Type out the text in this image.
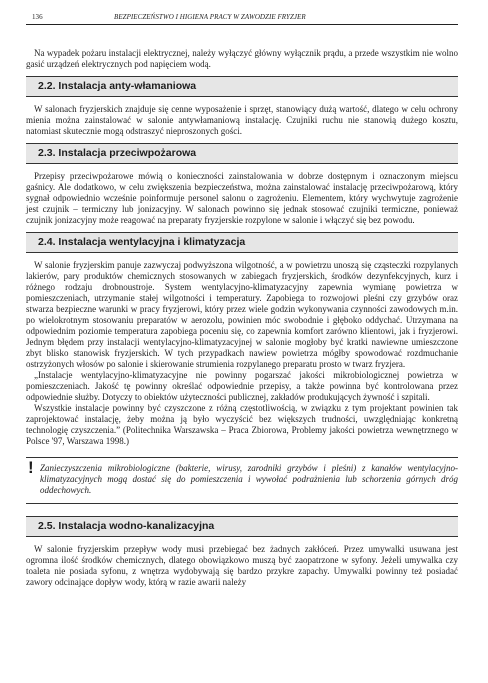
136	BEZPIECZEŃSTWO I HIGIENA PRACY W ZAWODZIE FRYZJER

Na wypadek pożaru instalacji elektrycznej, należy wyłączyć główny wyłącznik prądu, a przede wszystkim nie wolno gasić urządzeń elektrycznych pod napięciem wodą.

2.2. Instalacja anty-włamaniowa

W salonach fryzjerskich znajduje się cenne wyposażenie i sprzęt, stanowiący dużą wartość, dlatego w celu ochrony mienia można zainstalować w salonie antywłamaniową instalację. Czujniki ruchu nie stanowią dużego kosztu, natomiast skutecznie mogą odstraszyć nieproszonych gości.

2.3. Instalacja przeciwpożarowa

Przepisy przeciwpożarowe mówią o konieczności zainstalowania w dobrze dostępnym i oznaczonym miejscu gaśnicy. Ale dodatkowo, w celu zwiększenia bezpieczeństwa, można zainstalować instalację przeciwpożarową, który sygnał odpowiednio wcześnie poinformuje personel salonu o zagrożeniu. Elementem, który wychwytuje zagrożenie jest czujnik – termiczny lub jonizacyjny. W salonach powinno się jednak stosować czujniki termiczne, ponieważ czujnik jonizacyjny może reagować na preparaty fryzjerskie rozpylone w salonie i włączyć się bez powodu.

2.4. Instalacja wentylacyjna i klimatyzacja

W salonie fryzjerskim panuje zazwyczaj podwyższona wilgotność, a w powietrzu unoszą się cząsteczki rozpylanych lakierów, pary produktów chemicznych stosowanych w zabiegach fryzjerskich, środków dezynfekcyjnych, kurz i różnego rodzaju drobnoustroje. System wentylacyjno-klimatyzacyjny zapewnia wymianę powietrza w pomieszczeniach, utrzymanie stałej wilgotności i temperatury. Zapobiega to rozwojowi pleśni czy grzybów oraz stwarza bezpieczne warunki w pracy fryzjerowi, który przez wiele godzin wykonywania czynności zawodowych m.in. po wielokrotnym stosowaniu preparatów w aerozolu, powinien móc swobodnie i głęboko oddychać. Utrzymana na odpowiednim poziomie temperatura zapobiega poceniu się, co zapewnia komfort zarówno klientowi, jak i fryzjerowi. Jednym błędem przy instalacji wentylacyjno-klimatyzacyjnej w salonie mogłoby być kratki nawiewne umieszczone zbyt blisko stanowisk fryzjerskich. W tych przypadkach nawiew powietrza mógłby spowodować rozdmuchanie ostrzyżonych włosów po salonie i skierowanie strumienia rozpylanego preparatu prosto w twarz fryzjera.

„Instalacje wentylacyjno-klimatyzacyjne nie powinny pogarszać jakości mikrobiologicznej powietrza w pomieszczeniach. Jakość tę powinny określać odpowiednie przepisy, a także powinna być kontrolowana przez odpowiednie służby. Dotyczy to obiektów użyteczności publicznej, zakładów produkujących żywność i szpitali.

Wszystkie instalacje powinny być czyszczone z różną częstotliwością, w związku z tym projektant powinien tak zaprojektować instalację, żeby można ją było wyczyścić bez większych trudności, uwzględniając konkretną technologię czyszczenia.” (Politechnika Warszawska – Praca Zbiorowa, Problemy jakości powietrza wewnętrznego w Polsce '97, Warszawa 1998.)

! Zanieczyszczenia mikrobiologiczne (bakterie, wirusy, zarodniki grzybów i pleśni) z kanałów wentylacyjno-klimatyzacyjnych mogą dostać się do pomieszczenia i wywołać podrażnienia lub schorzenia górnych dróg oddechowych.

2.5. Instalacja wodno-kanalizacyjna

W salonie fryzjerskim przepływ wody musi przebiegać bez żadnych zakłóceń. Przez umywalki usuwana jest ogromna ilość środków chemicznych, dlatego obowiązkowo muszą być zaopatrzone w syfony. Jeżeli umywalka czy toaleta nie posiada syfonu, z wnętrza wydobywają się bardzo przykre zapachy. Umywalki powinny też posiadać zawory odcinające dopływ wody, którą w razie awarii należy
